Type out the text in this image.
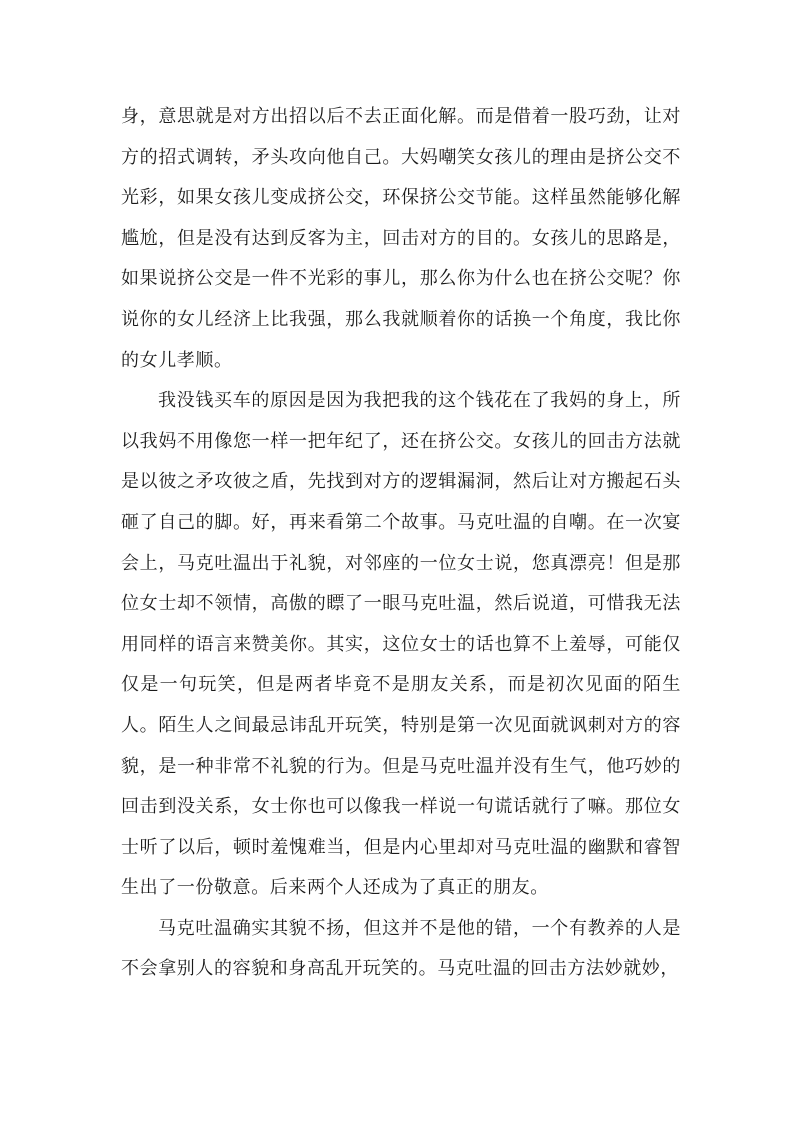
身，意思就是对方出招以后不去正面化解。而是借着一股巧劲，让对方的招式调转，矛头攻向他自己。大妈嘲笑女孩儿的理由是挤公交不光彩，如果女孩儿变成挤公交，环保挤公交节能。这样虽然能够化解尴尬，但是没有达到反客为主，回击对方的目的。女孩儿的思路是，如果说挤公交是一件不光彩的事儿，那么你为什么也在挤公交呢？你说你的女儿经济上比我强，那么我就顺着你的话换一个角度，我比你的女儿孝顺。

我没钱买车的原因是因为我把我的这个钱花在了我妈的身上，所以我妈不用像您一样一把年纪了，还在挤公交。女孩儿的回击方法就是以彼之矛攻彼之盾，先找到对方的逻辑漏洞，然后让对方搬起石头砸了自己的脚。好，再来看第二个故事。马克吐温的自嘲。在一次宴会上，马克吐温出于礼貌，对邻座的一位女士说，您真漂亮！但是那位女士却不领情，高傲的瞟了一眼马克吐温，然后说道，可惜我无法用同样的语言来赞美你。其实，这位女士的话也算不上羞辱，可能仅仅是一句玩笑，但是两者毕竟不是朋友关系，而是初次见面的陌生人。陌生人之间最忌讳乱开玩笑，特别是第一次见面就讽刺对方的容貌，是一种非常不礼貌的行为。但是马克吐温并没有生气，他巧妙的回击到没关系，女士你也可以像我一样说一句谎话就行了嘛。那位女士听了以后，顿时羞愧难当，但是内心里却对马克吐温的幽默和睿智生出了一份敬意。后来两个人还成为了真正的朋友。

马克吐温确实其貌不扬，但这并不是他的错，一个有教养的人是不会拿别人的容貌和身高乱开玩笑的。马克吐温的回击方法妙就妙，
